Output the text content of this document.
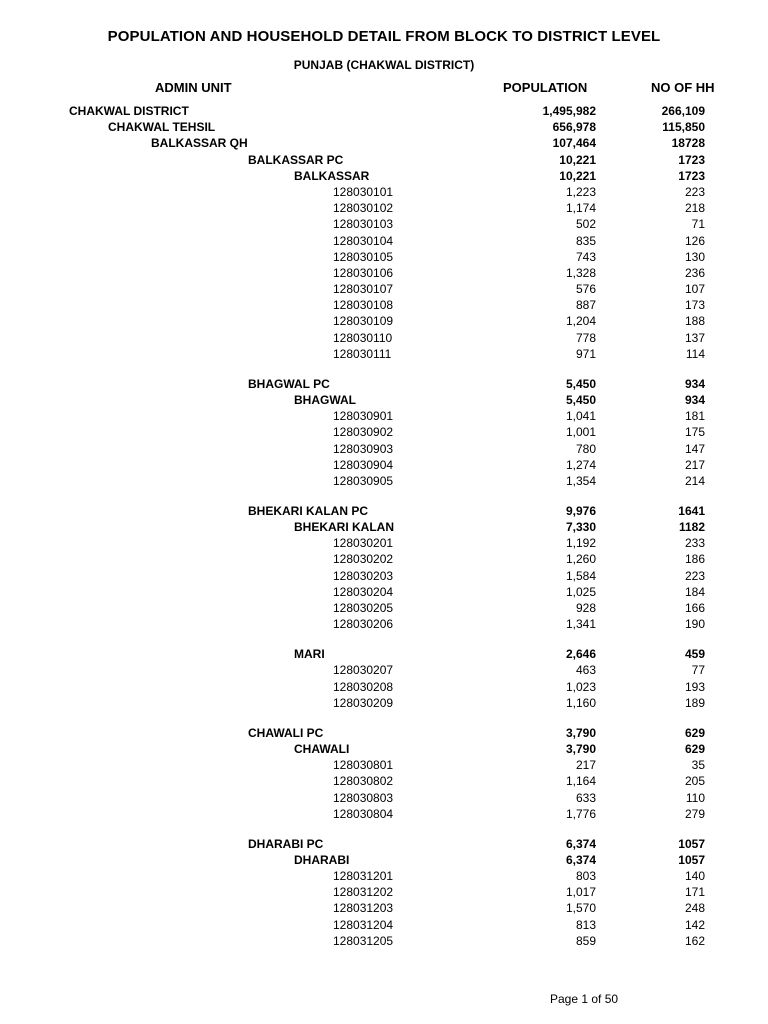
POPULATION AND HOUSEHOLD DETAIL FROM BLOCK TO DISTRICT LEVEL
PUNJAB (CHAKWAL DISTRICT)
ADMIN UNIT	POPULATION	NO OF HH
CHAKWAL DISTRICT	1,495,982	266,109
CHAKWAL TEHSIL	656,978	115,850
BALKASSAR QH	107,464	18728
BALKASSAR PC	10,221	1723
BALKASSAR	10,221	1723
128030101	1,223	223
128030102	1,174	218
128030103	502	71
128030104	835	126
128030105	743	130
128030106	1,328	236
128030107	576	107
128030108	887	173
128030109	1,204	188
128030110	778	137
128030111	971	114
BHAGWAL PC	5,450	934
BHAGWAL	5,450	934
128030901	1,041	181
128030902	1,001	175
128030903	780	147
128030904	1,274	217
128030905	1,354	214
BHEKARI KALAN PC	9,976	1641
BHEKARI KALAN	7,330	1182
128030201	1,192	233
128030202	1,260	186
128030203	1,584	223
128030204	1,025	184
128030205	928	166
128030206	1,341	190
MARI	2,646	459
128030207	463	77
128030208	1,023	193
128030209	1,160	189
CHAWALI PC	3,790	629
CHAWALI	3,790	629
128030801	217	35
128030802	1,164	205
128030803	633	110
128030804	1,776	279
DHARABI PC	6,374	1057
DHARABI	6,374	1057
128031201	803	140
128031202	1,017	171
128031203	1,570	248
128031204	813	142
128031205	859	162
Page 1 of 50
